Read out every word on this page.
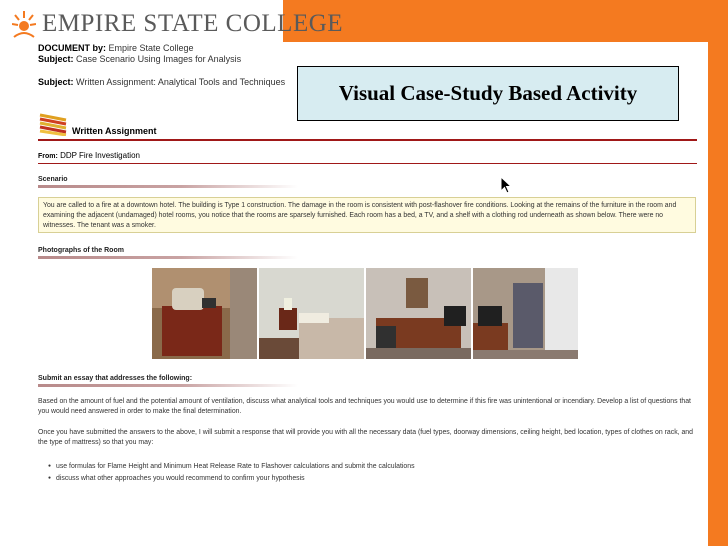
EMPIRE STATE COLLEGE
DOCUMENT by: Empire State College
Subject: Case Scenario Using Images for Analysis
Subject: Written Assignment: Analytical Tools and Techniques	Visual Case-Study Based Activity
Written Assignment
From: DDP Fire Investigation
Scenario
You are called to a fire at a downtown hotel. The building is Type 1 construction. The damage in the room is consistent with post-flashover fire conditions. Looking at the remains of the furniture in the room and examining the adjacent (undamaged) hotel rooms, you notice that the rooms are sparsely furnished. Each room has a bed, a TV, and a shelf with a clothing rod underneath as shown below. There were no witnesses. The tenant was a smoker.
Photographs of the Room
Submit an essay that addresses the following:
Based on the amount of fuel and the potential amount of ventilation, discuss what analytical tools and techniques you would use to determine if this fire was unintentional or incendiary. Develop a list of questions that you would need answered in order to make the final determination.
Once you have submitted the answers to the above, I will submit a response that will provide you with all the necessary data (fuel types, doorway dimensions, ceiling height, bed location, types of clothes on rack, and the type of mattress) so that you may:
● use formulas for Flame Height and Minimum Heat Release Rate to Flashover calculations and submit the calculations
● discuss what other approaches you would recommend to confirm your hypothesis
